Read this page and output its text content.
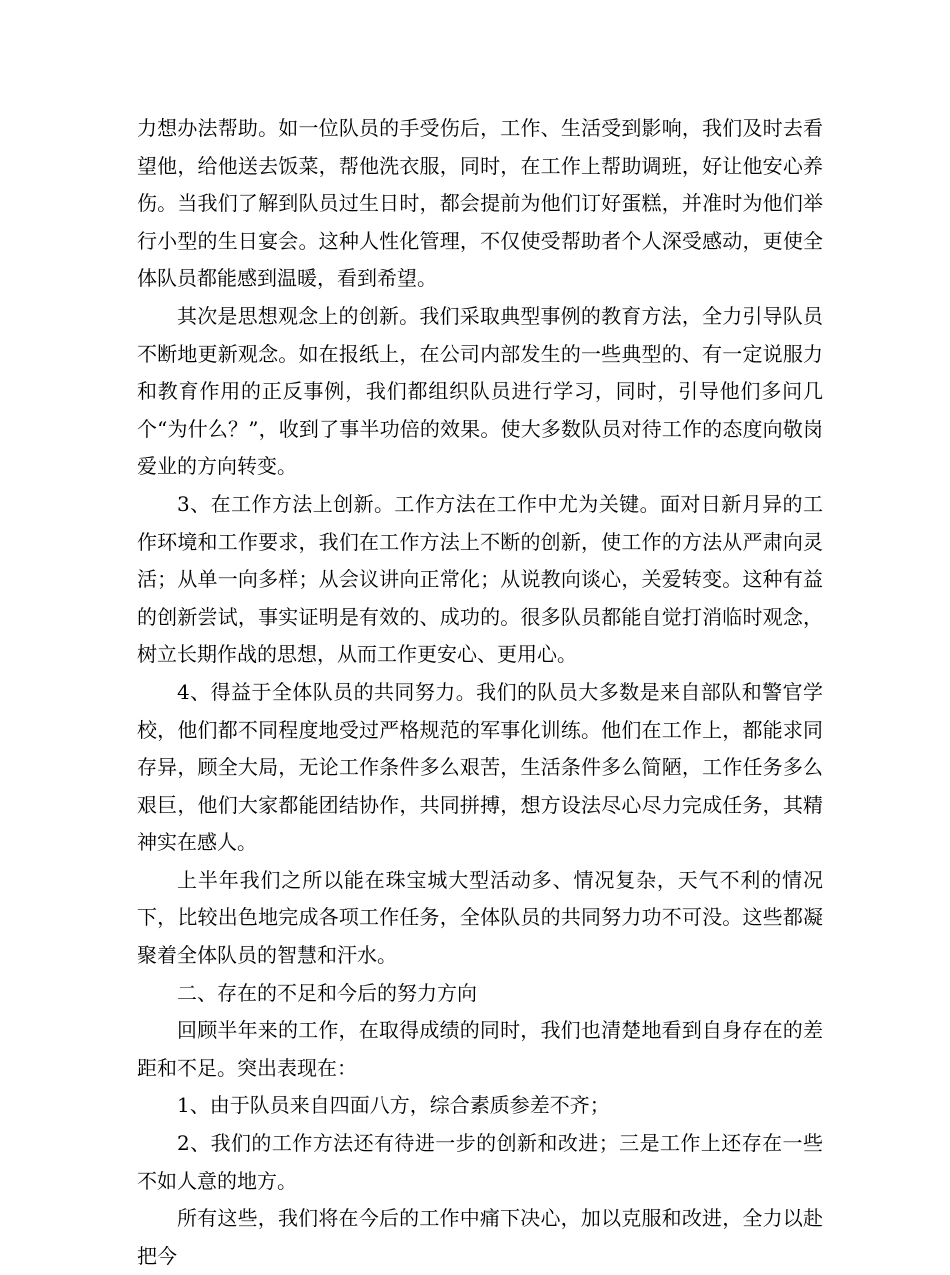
力想办法帮助。如一位队员的手受伤后，工作、生活受到影响，我们及时去看望他，给他送去饭菜，帮他洗衣服，同时，在工作上帮助调班，好让他安心养伤。当我们了解到队员过生日时，都会提前为他们订好蛋糕，并准时为他们举行小型的生日宴会。这种人性化管理，不仅使受帮助者个人深受感动，更使全体队员都能感到温暖，看到希望。

其次是思想观念上的创新。我们采取典型事例的教育方法，全力引导队员不断地更新观念。如在报纸上，在公司内部发生的一些典型的、有一定说服力和教育作用的正反事例，我们都组织队员进行学习，同时，引导他们多问几个“为什么？”，收到了事半功倍的效果。使大多数队员对待工作的态度向敬岗爱业的方向转变。

3、在工作方法上创新。工作方法在工作中尤为关键。面对日新月异的工作环境和工作要求，我们在工作方法上不断的创新，使工作的方法从严肃向灵活；从单一向多样；从会议讲向正常化；从说教向谈心，关爱转变。这种有益的创新尝试，事实证明是有效的、成功的。很多队员都能自觉打消临时观念，树立长期作战的思想，从而工作更安心、更用心。

4、得益于全体队员的共同努力。我们的队员大多数是来自部队和警官学校，他们都不同程度地受过严格规范的军事化训练。他们在工作上，都能求同存异，顾全大局，无论工作条件多么艰苦，生活条件多么简陋，工作任务多么艰巨，他们大家都能团结协作，共同拼搏，想方设法尽心尽力完成任务，其精神实在感人。

上半年我们之所以能在珠宝城大型活动多、情况复杂，天气不利的情况下，比较出色地完成各项工作任务，全体队员的共同努力功不可没。这些都凝聚着全体队员的智慧和汗水。

二、存在的不足和今后的努力方向

回顾半年来的工作，在取得成绩的同时，我们也清楚地看到自身存在的差距和不足。突出表现在：

1、由于队员来自四面八方，综合素质参差不齐；

2、我们的工作方法还有待进一步的创新和改进；三是工作上还存在一些不如人意的地方。

所有这些，我们将在今后的工作中痛下决心，加以克服和改进，全力以赴把今
